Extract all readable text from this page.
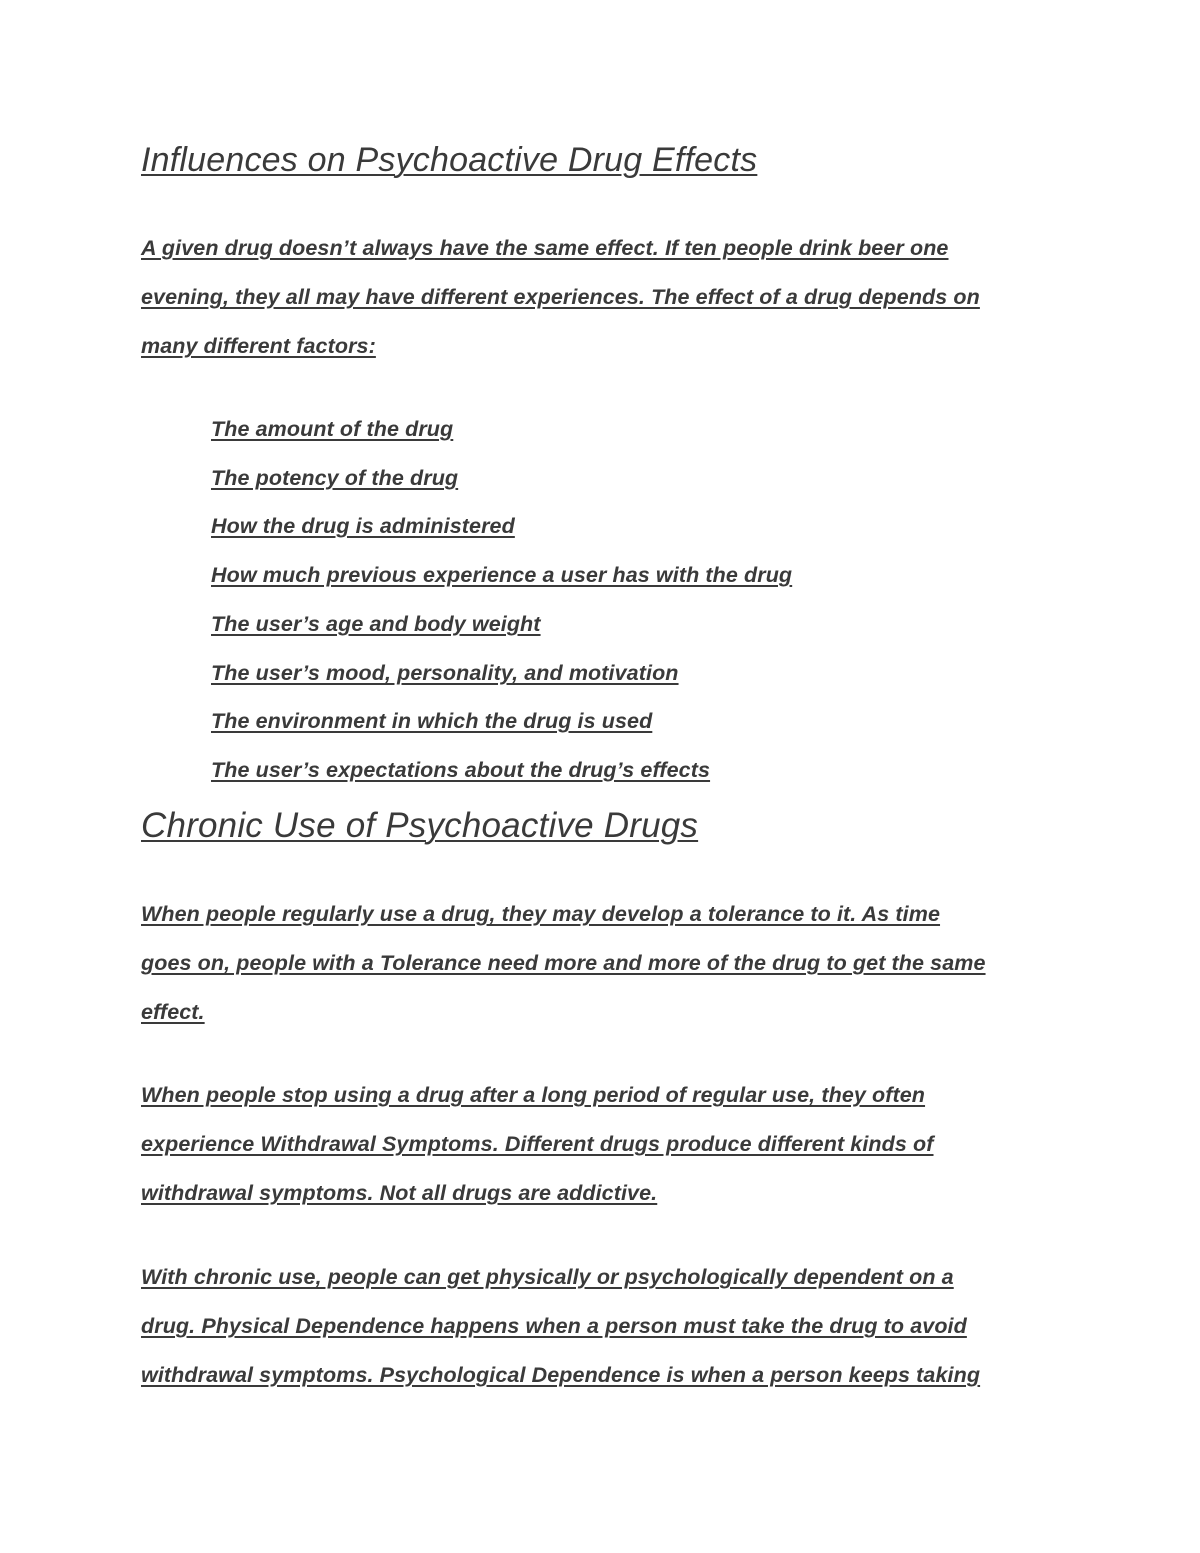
Influences on Psychoactive Drug Effects

A given drug doesn’t always have the same effect. If ten people drink beer one

evening, they all may have different experiences. The effect of a drug depends on

many different factors:

The amount of the drug

The potency of the drug

How the drug is administered

How much previous experience a user has with the drug

The user’s age and body weight

The user’s mood, personality, and motivation

The environment in which the drug is used

The user’s expectations about the drug’s effects

Chronic Use of Psychoactive Drugs

When people regularly use a drug, they may develop a tolerance to it. As time

goes on, people with a Tolerance need more and more of the drug to get the same

effect.

When people stop using a drug after a long period of regular use, they often

experience Withdrawal Symptoms. Different drugs produce different kinds of

withdrawal symptoms. Not all drugs are addictive.

With chronic use, people can get physically or psychologically dependent on a

drug. Physical Dependence happens when a person must take the drug to avoid

withdrawal symptoms. Psychological Dependence is when a person keeps taking
